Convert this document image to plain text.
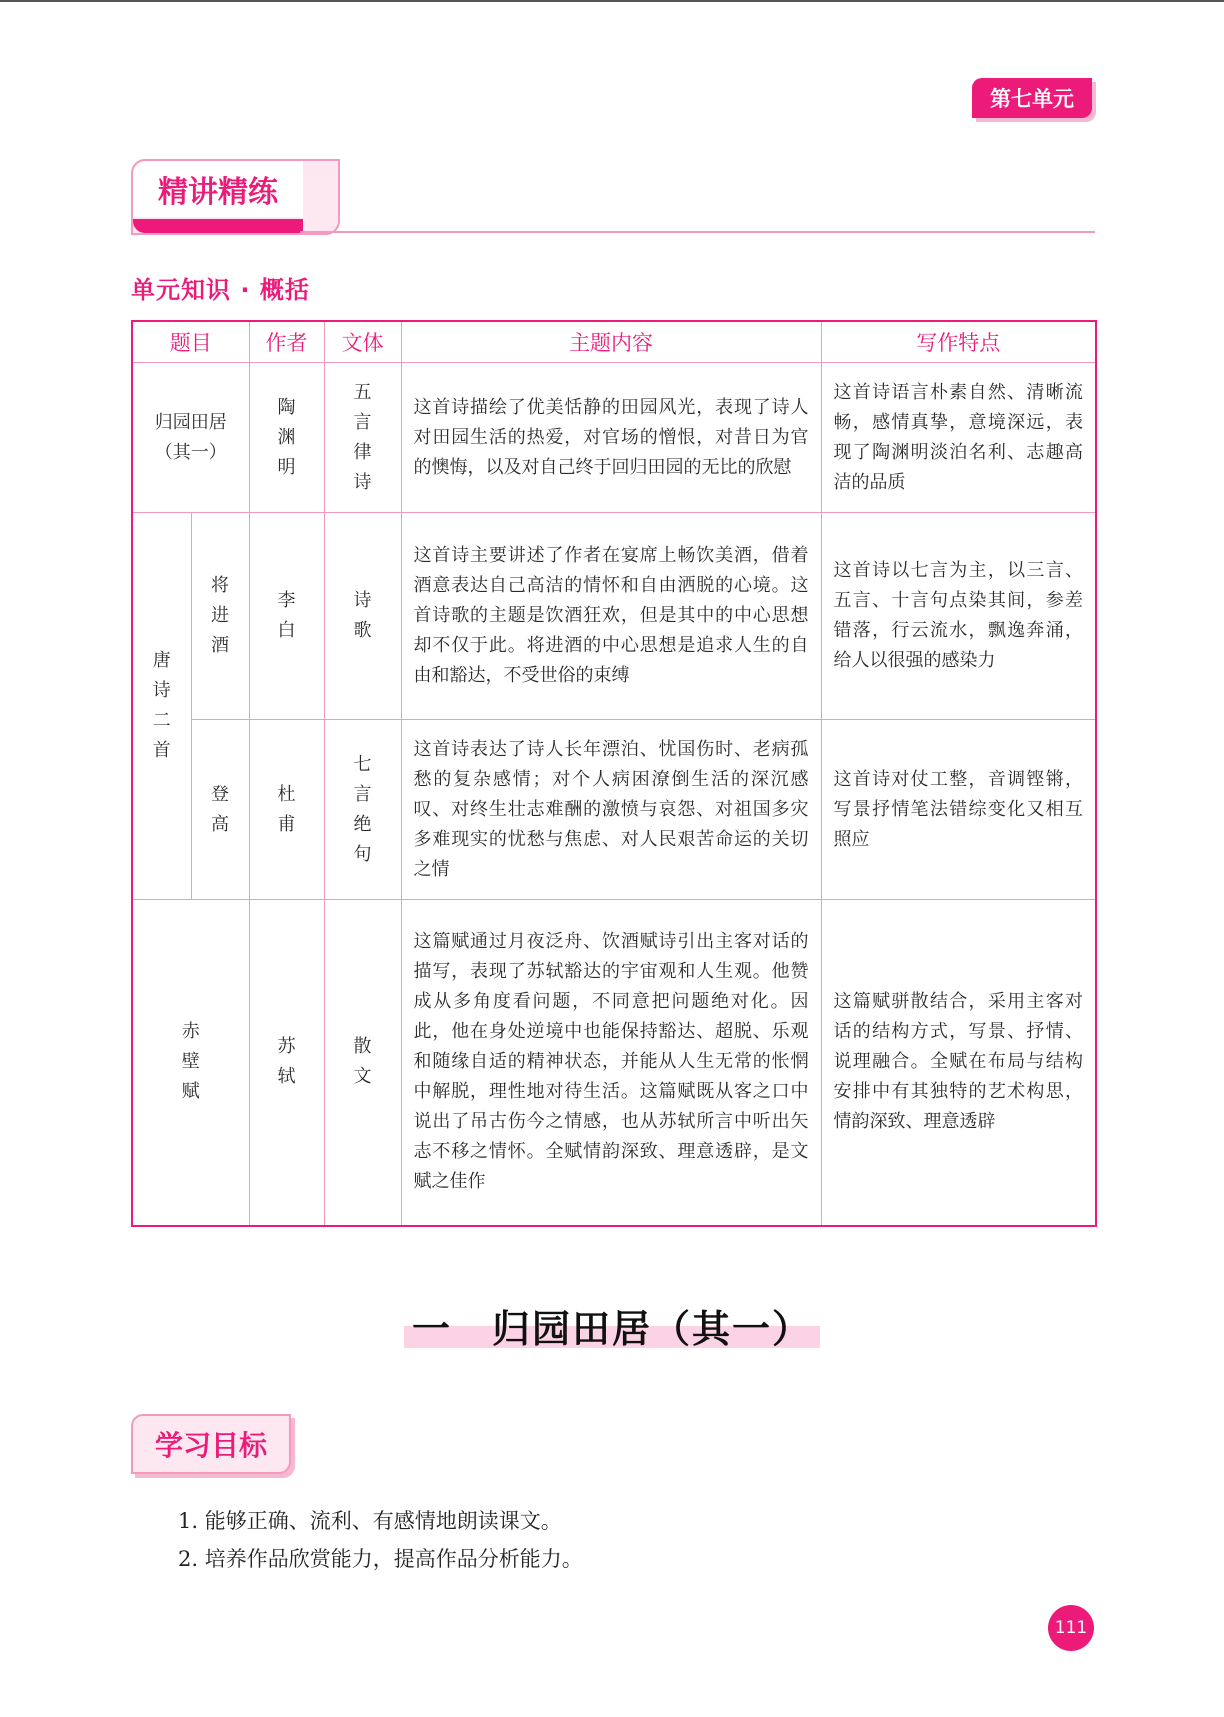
第七单元
精讲精练
单元知识 · 概括
题目		作者	文体	主题内容	写作特点
归园田居（其一）		陶渊明	五言律诗	这首诗描绘了优美恬静的田园风光，表现了诗人对田园生活的热爱，对官场的憎恨，对昔日为官的懊悔，以及对自己终于回归田园的无比的欣慰	这首诗语言朴素自然、清晰流畅，感情真挚，意境深远，表现了陶渊明淡泊名利、志趣高洁的品质
唐诗二首	将进酒	李白	诗歌	这首诗主要讲述了作者在宴席上畅饮美酒，借着酒意表达自己高洁的情怀和自由洒脱的心境。这首诗歌的主题是饮酒狂欢，但是其中的中心思想却不仅于此。将进酒的中心思想是追求人生的自由和豁达，不受世俗的束缚	这首诗以七言为主，以三言、五言、十言句点染其间，参差错落，行云流水，飘逸奔涌，给人以很强的感染力
	登高	杜甫	七言绝句	这首诗表达了诗人长年漂泊、忧国伤时、老病孤愁的复杂感情；对个人病困潦倒生活的深沉感叹、对终生壮志难酬的激愤与哀怨、对祖国多灾多难现实的忧愁与焦虑、对人民艰苦命运的关切之情	这首诗对仗工整，音调铿锵，写景抒情笔法错综变化又相互照应
赤壁赋		苏轼	散文	这篇赋通过月夜泛舟、饮酒赋诗引出主客对话的描写，表现了苏轼豁达的宇宙观和人生观。他赞成从多角度看问题，不同意把问题绝对化。因此，他在身处逆境中也能保持豁达、超脱、乐观和随缘自适的精神状态，并能从人生无常的怅惘中解脱，理性地对待生活。这篇赋既从客之口中说出了吊古伤今之情感，也从苏轼所言中听出矢志不移之情怀。全赋情韵深致、理意透辟，是文赋之佳作	这篇赋骈散结合，采用主客对话的结构方式，写景、抒情、说理融合。全赋在布局与结构安排中有其独特的艺术构思，情韵深致、理意透辟
一　归园田居（其一）
学习目标
1. 能够正确、流利、有感情地朗读课文。
2. 培养作品欣赏能力，提高作品分析能力。
111
